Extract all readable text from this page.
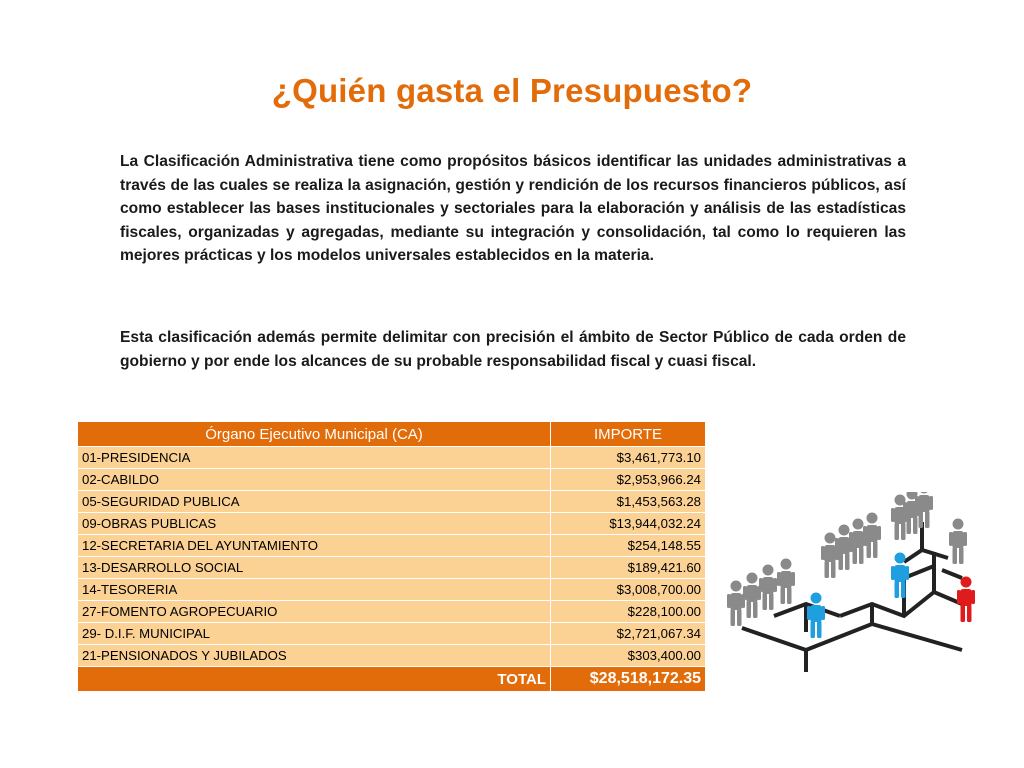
¿Quién gasta el Presupuesto?

La Clasificación Administrativa tiene como propósitos básicos identificar las unidades administrativas a través de las cuales se realiza la asignación, gestión y rendición de los recursos financieros públicos, así como establecer las bases institucionales y sectoriales para la elaboración y análisis de las estadísticas fiscales, organizadas y agregadas, mediante su integración y consolidación, tal como lo requieren las mejores prácticas y los modelos universales establecidos en la materia.

Esta clasificación además permite delimitar con precisión el ámbito de Sector Público de cada orden de gobierno y por ende los alcances de su probable responsabilidad fiscal y cuasi fiscal.

Órgano Ejecutivo Municipal (CA)	IMPORTE
01-PRESIDENCIA	$3,461,773.10
02-CABILDO	$2,953,966.24
05-SEGURIDAD PUBLICA	$1,453,563.28
09-OBRAS PUBLICAS	$13,944,032.24
12-SECRETARIA DEL AYUNTAMIENTO	$254,148.55
13-DESARROLLO SOCIAL	$189,421.60
14-TESORERIA	$3,008,700.00
27-FOMENTO AGROPECUARIO	$228,100.00
29- D.I.F. MUNICIPAL	$2,721,067.34
21-PENSIONADOS Y JUBILADOS	$303,400.00
TOTAL	$28,518,172.35
